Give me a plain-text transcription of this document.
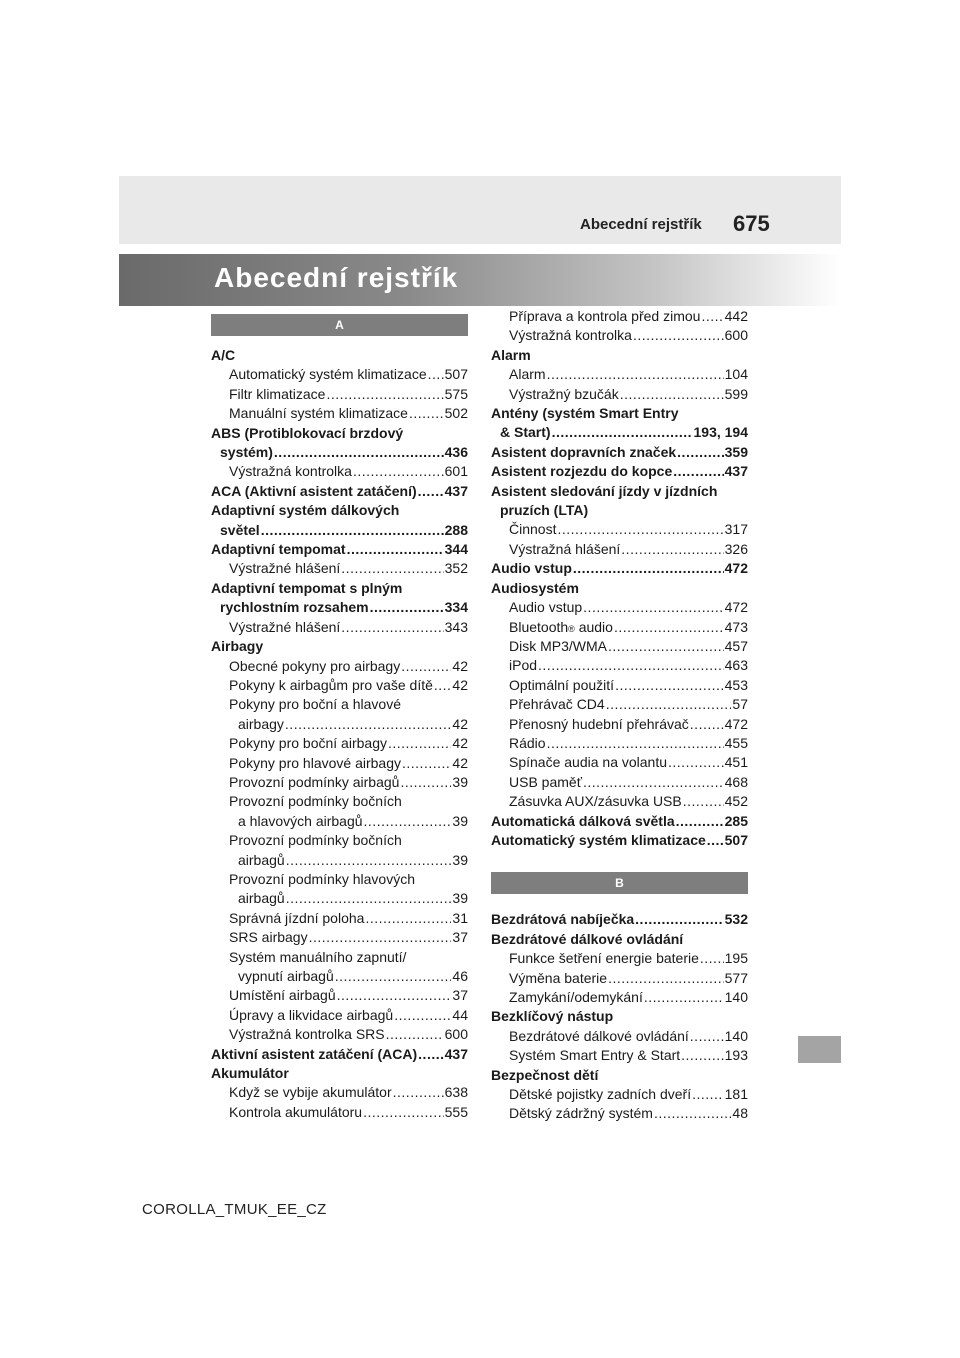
Abecední rejstřík 675
Abecední rejstřík
A
A/C
Automatický systém klimatizace ..... 507
Filtr klimatizace .....	575
Manuální systém klimatizace .....	502
ABS (Protiblokovací brzdový
systém) .....	436
Výstražná kontrolka .....	601
ACA (Aktivní asistent zatáčení) ..... 437
Adaptivní systém dálkových
světel .....	288
Adaptivní tempomat .....	344
Výstražné hlášení .....	352
Adaptivní tempomat s plným
rychlostním rozsahem .....	334
Výstražné hlášení .....	343
Airbagy
Obecné pokyny pro airbagy .....	42
Pokyny k airbagům pro vaše dítě ..... 42
Pokyny pro boční a hlavové
airbagy .....	42
Pokyny pro boční airbagy .....	42
Pokyny pro hlavové airbagy .....	42
Provozní podmínky airbagů .....	39
Provozní podmínky bočních
a hlavových airbagů .....	39
Provozní podmínky bočních
airbagů .....	39
Provozní podmínky hlavových
airbagů .....	39
Správná jízdní poloha .....	31
SRS airbagy .....	37
Systém manuálního zapnutí/
vypnutí airbagů .....	46
Umístění airbagů .....	37
Úpravy a likvidace airbagů .....	44
Výstražná kontrolka SRS .....	600
Aktivní asistent zatáčení (ACA) ..... 437
Akumulátor
Když se vybije akumulátor .....	638
Kontrola akumulátoru .....	555
Příprava a kontrola před zimou ..... 442
Výstražná kontrolka .....	600
Alarm
Alarm .....	104
Výstražný bzučák .....	599
Antény (systém Smart Entry
& Start) .....	193, 194
Asistent dopravních značek .....	359
Asistent rozjezdu do kopce .....	437
Asistent sledování jízdy v jízdních
pruzích (LTA)
Činnost .....	317
Výstražná hlášení .....	326
Audio vstup .....	472
Audiosystém
Audio vstup .....	472
Bluetooth ® audio .....	473
Disk MP3/WMA .....	457
iPod .....	463
Optimální použití .....	453
Přehrávač CD4 .....	57
Přenosný hudební přehrávač .....	472
Rádio .....	455
Spínače audia na volantu .....	451
USB paměť .....	468
Zásuvka AUX/zásuvka USB .....	452
Automatická dálková světla .....	285
Automatický systém klimatizace ..... 507
B
Bezdrátová nabíječka .....	532
Bezdrátové dálkové ovládání
Funkce šetření energie baterie ..... 195
Výměna baterie .....	577
Zamykání/odemykání .....	140
Bezklíčový nástup
Bezdrátové dálkové ovládání .....	140
Systém Smart Entry & Start .....	193
Bezpečnost dětí
Dětské pojistky zadních dveří ..... 181
Dětský zádržný systém .....	48
COROLLA_TMUK_EE_CZ
